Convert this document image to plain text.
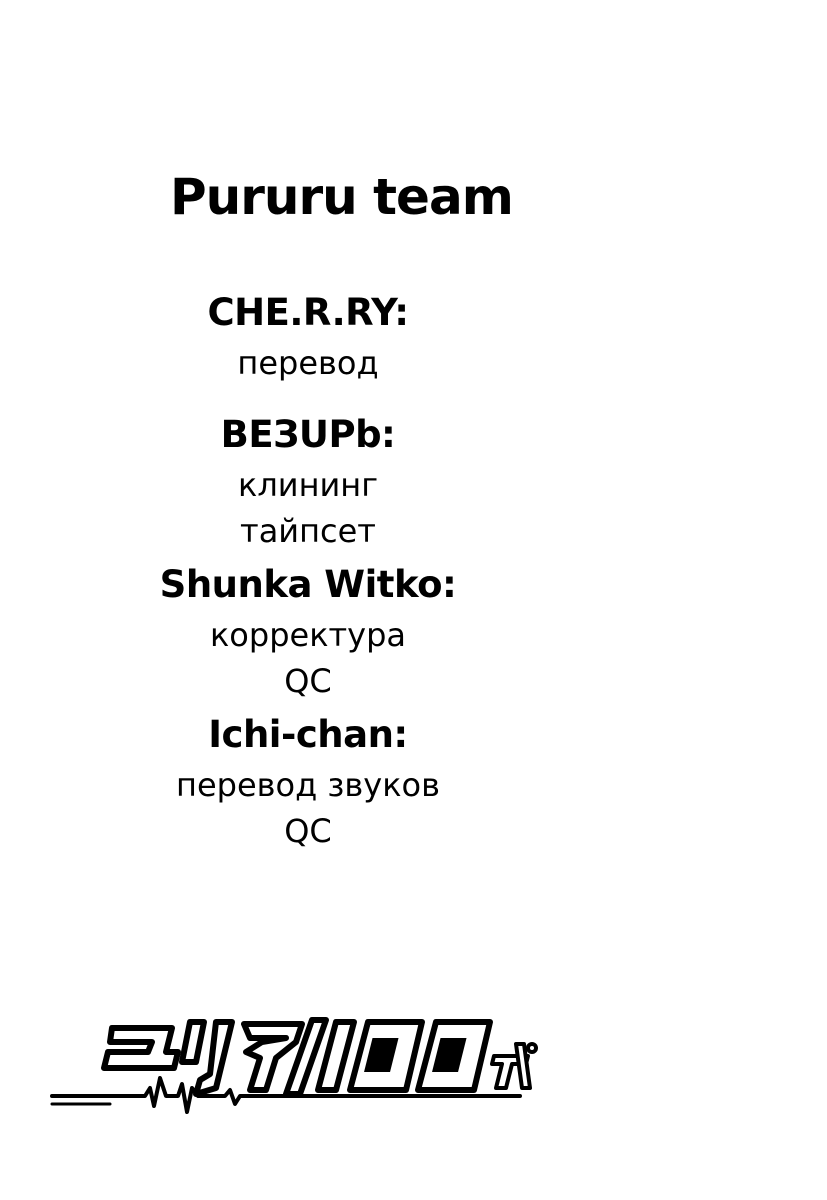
Pururu team
CHE.R.RY:
перевод
ВЕЗUPb:
клининг
тайпсет
Shunka Witko:
корректура
QC
Ichi-chan:
перевод звуков
QC
